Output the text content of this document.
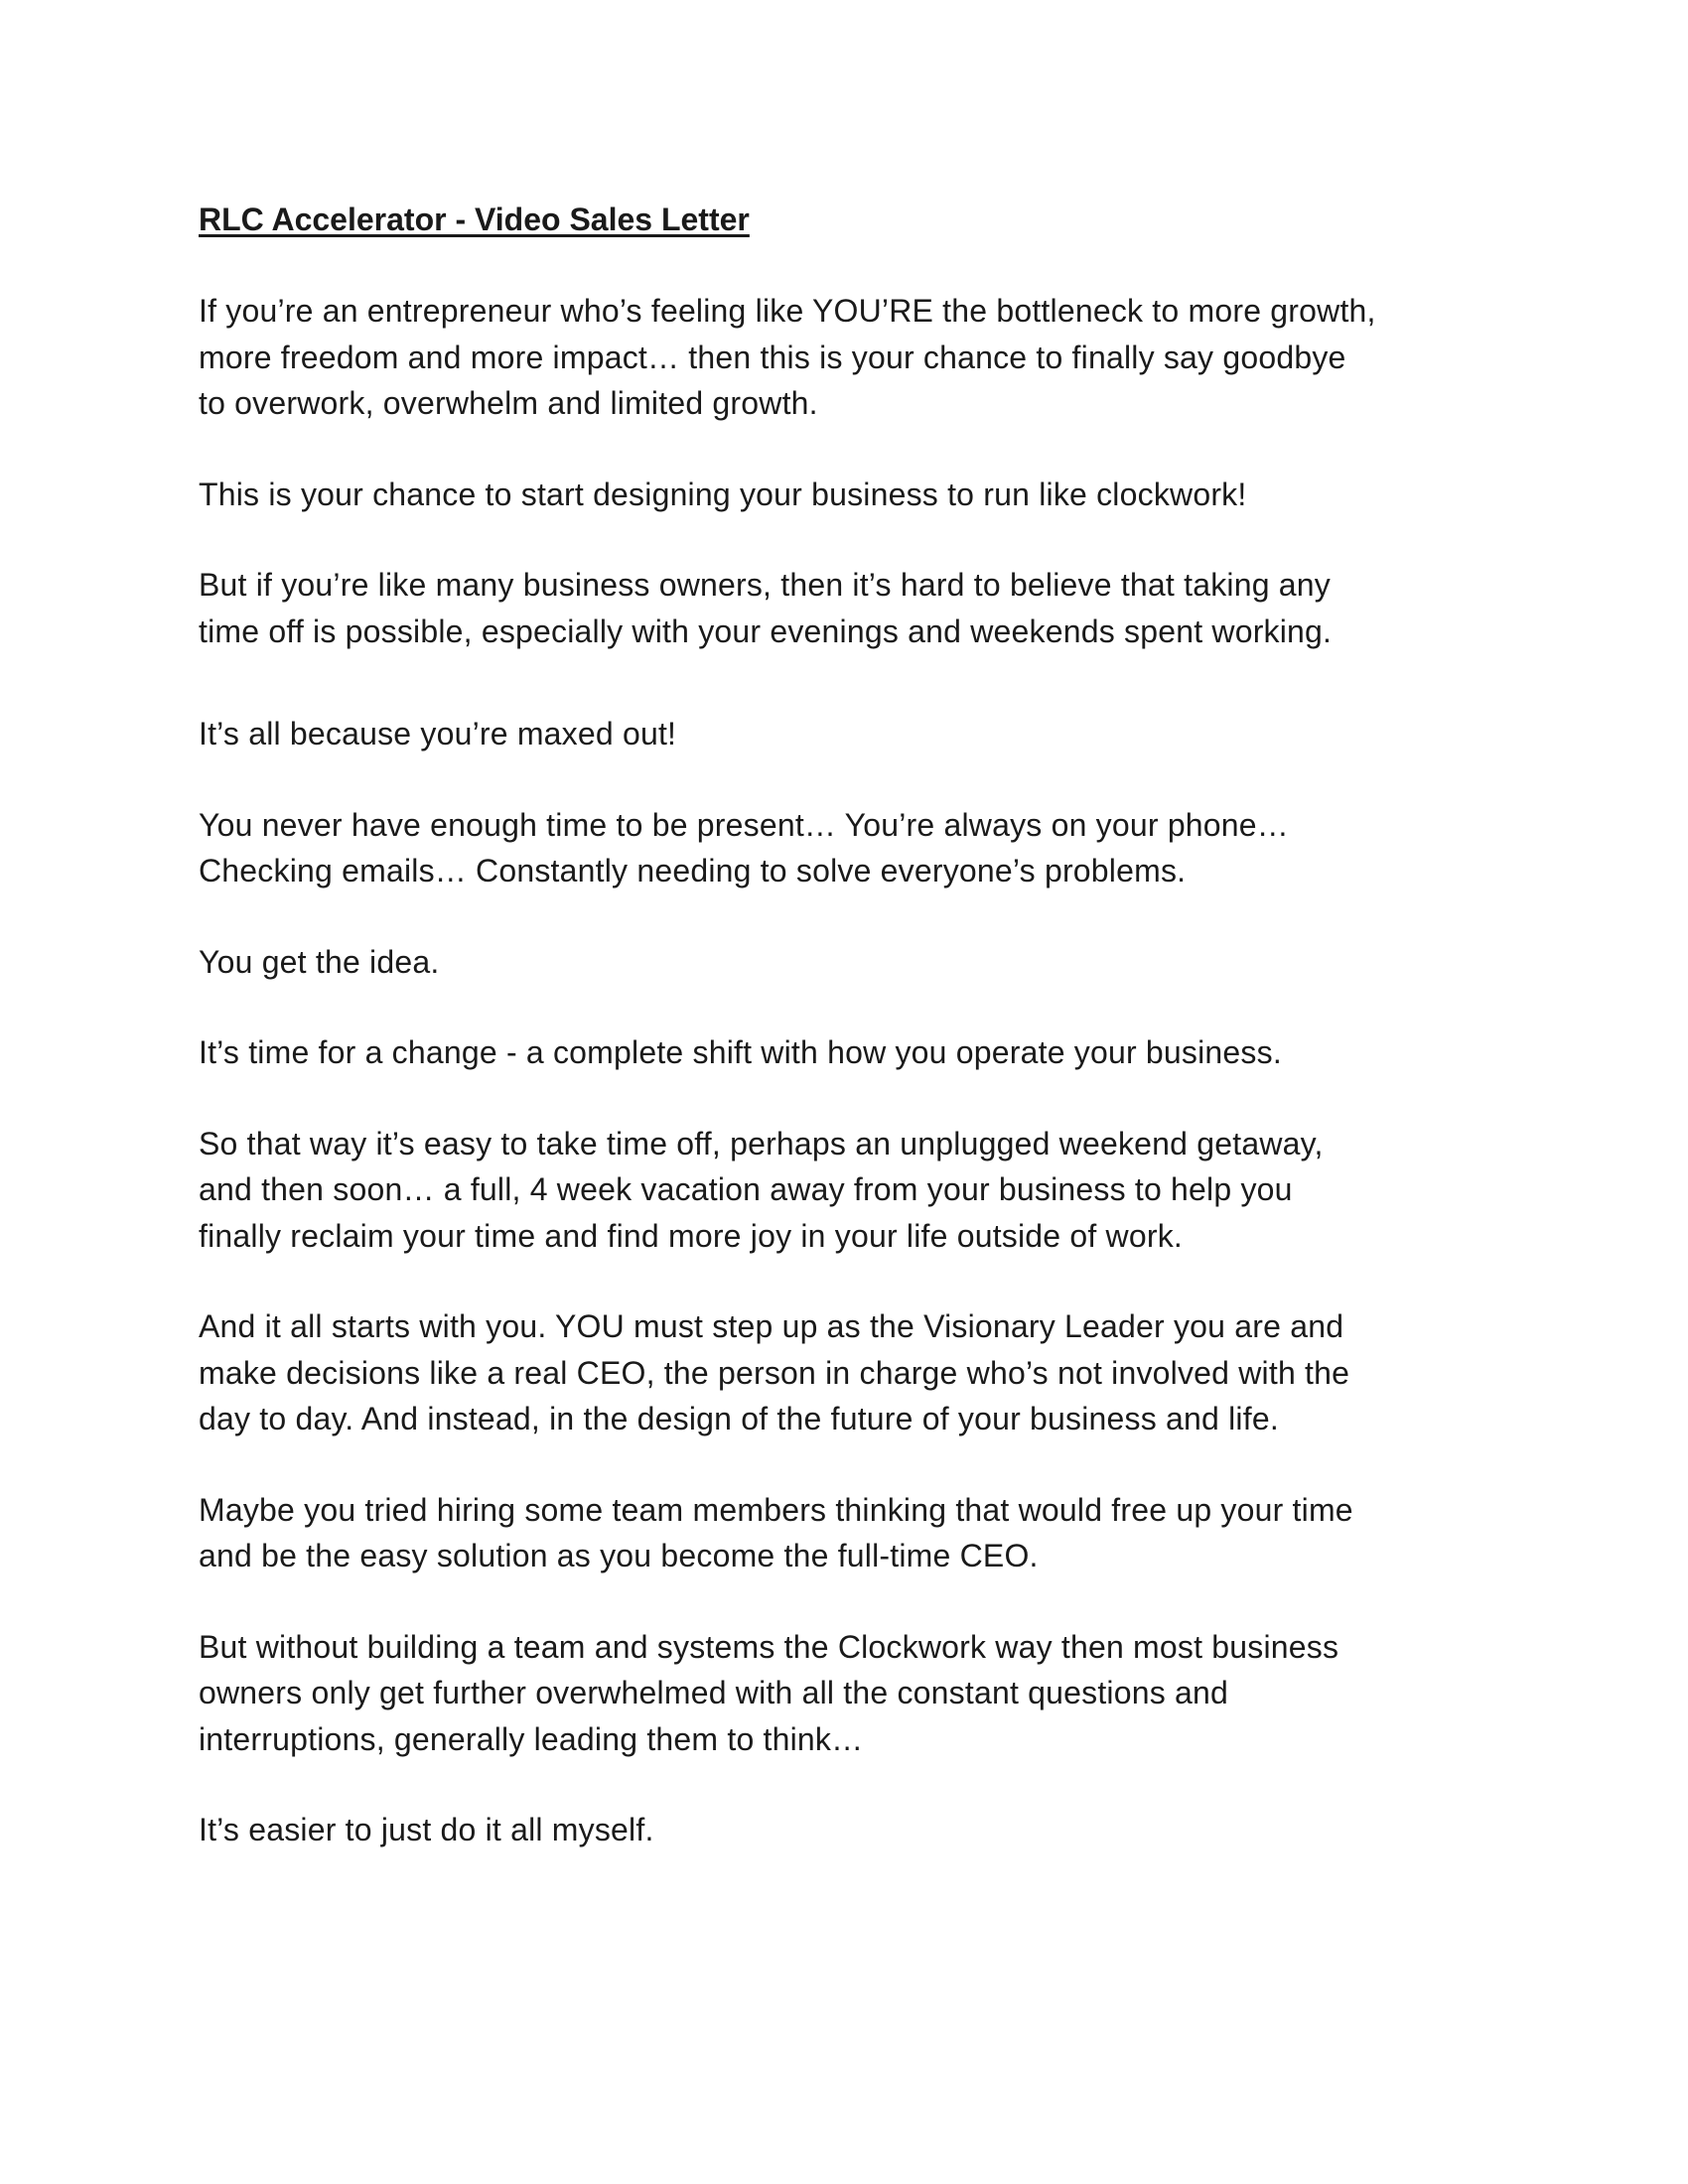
RLC Accelerator - Video Sales Letter
If you’re an entrepreneur who’s feeling like YOU’RE the bottleneck to more growth,
more freedom and more impact… then this is your chance to finally say goodbye
to overwork, overwhelm and limited growth.
This is your chance to start designing your business to run like clockwork!
But if you’re like many business owners, then it’s hard to believe that taking any
time off is possible, especially with your evenings and weekends spent working.
It’s all because you’re maxed out!
You never have enough time to be present… You’re always on your phone…
Checking emails… Constantly needing to solve everyone’s problems.
You get the idea.
It’s time for a change - a complete shift with how you operate your business.
So that way it’s easy to take time off, perhaps an unplugged weekend getaway,
and then soon… a full, 4 week vacation away from your business to help you
finally reclaim your time and find more joy in your life outside of work.
And it all starts with you. YOU must step up as the Visionary Leader you are and
make decisions like a real CEO, the person in charge who’s not involved with the
day to day. And instead, in the design of the future of your business and life.
Maybe you tried hiring some team members thinking that would free up your time
and be the easy solution as you become the full-time CEO.
But without building a team and systems the Clockwork way then most business
owners only get further overwhelmed with all the constant questions and
interruptions, generally leading them to think…
It’s easier to just do it all myself.
